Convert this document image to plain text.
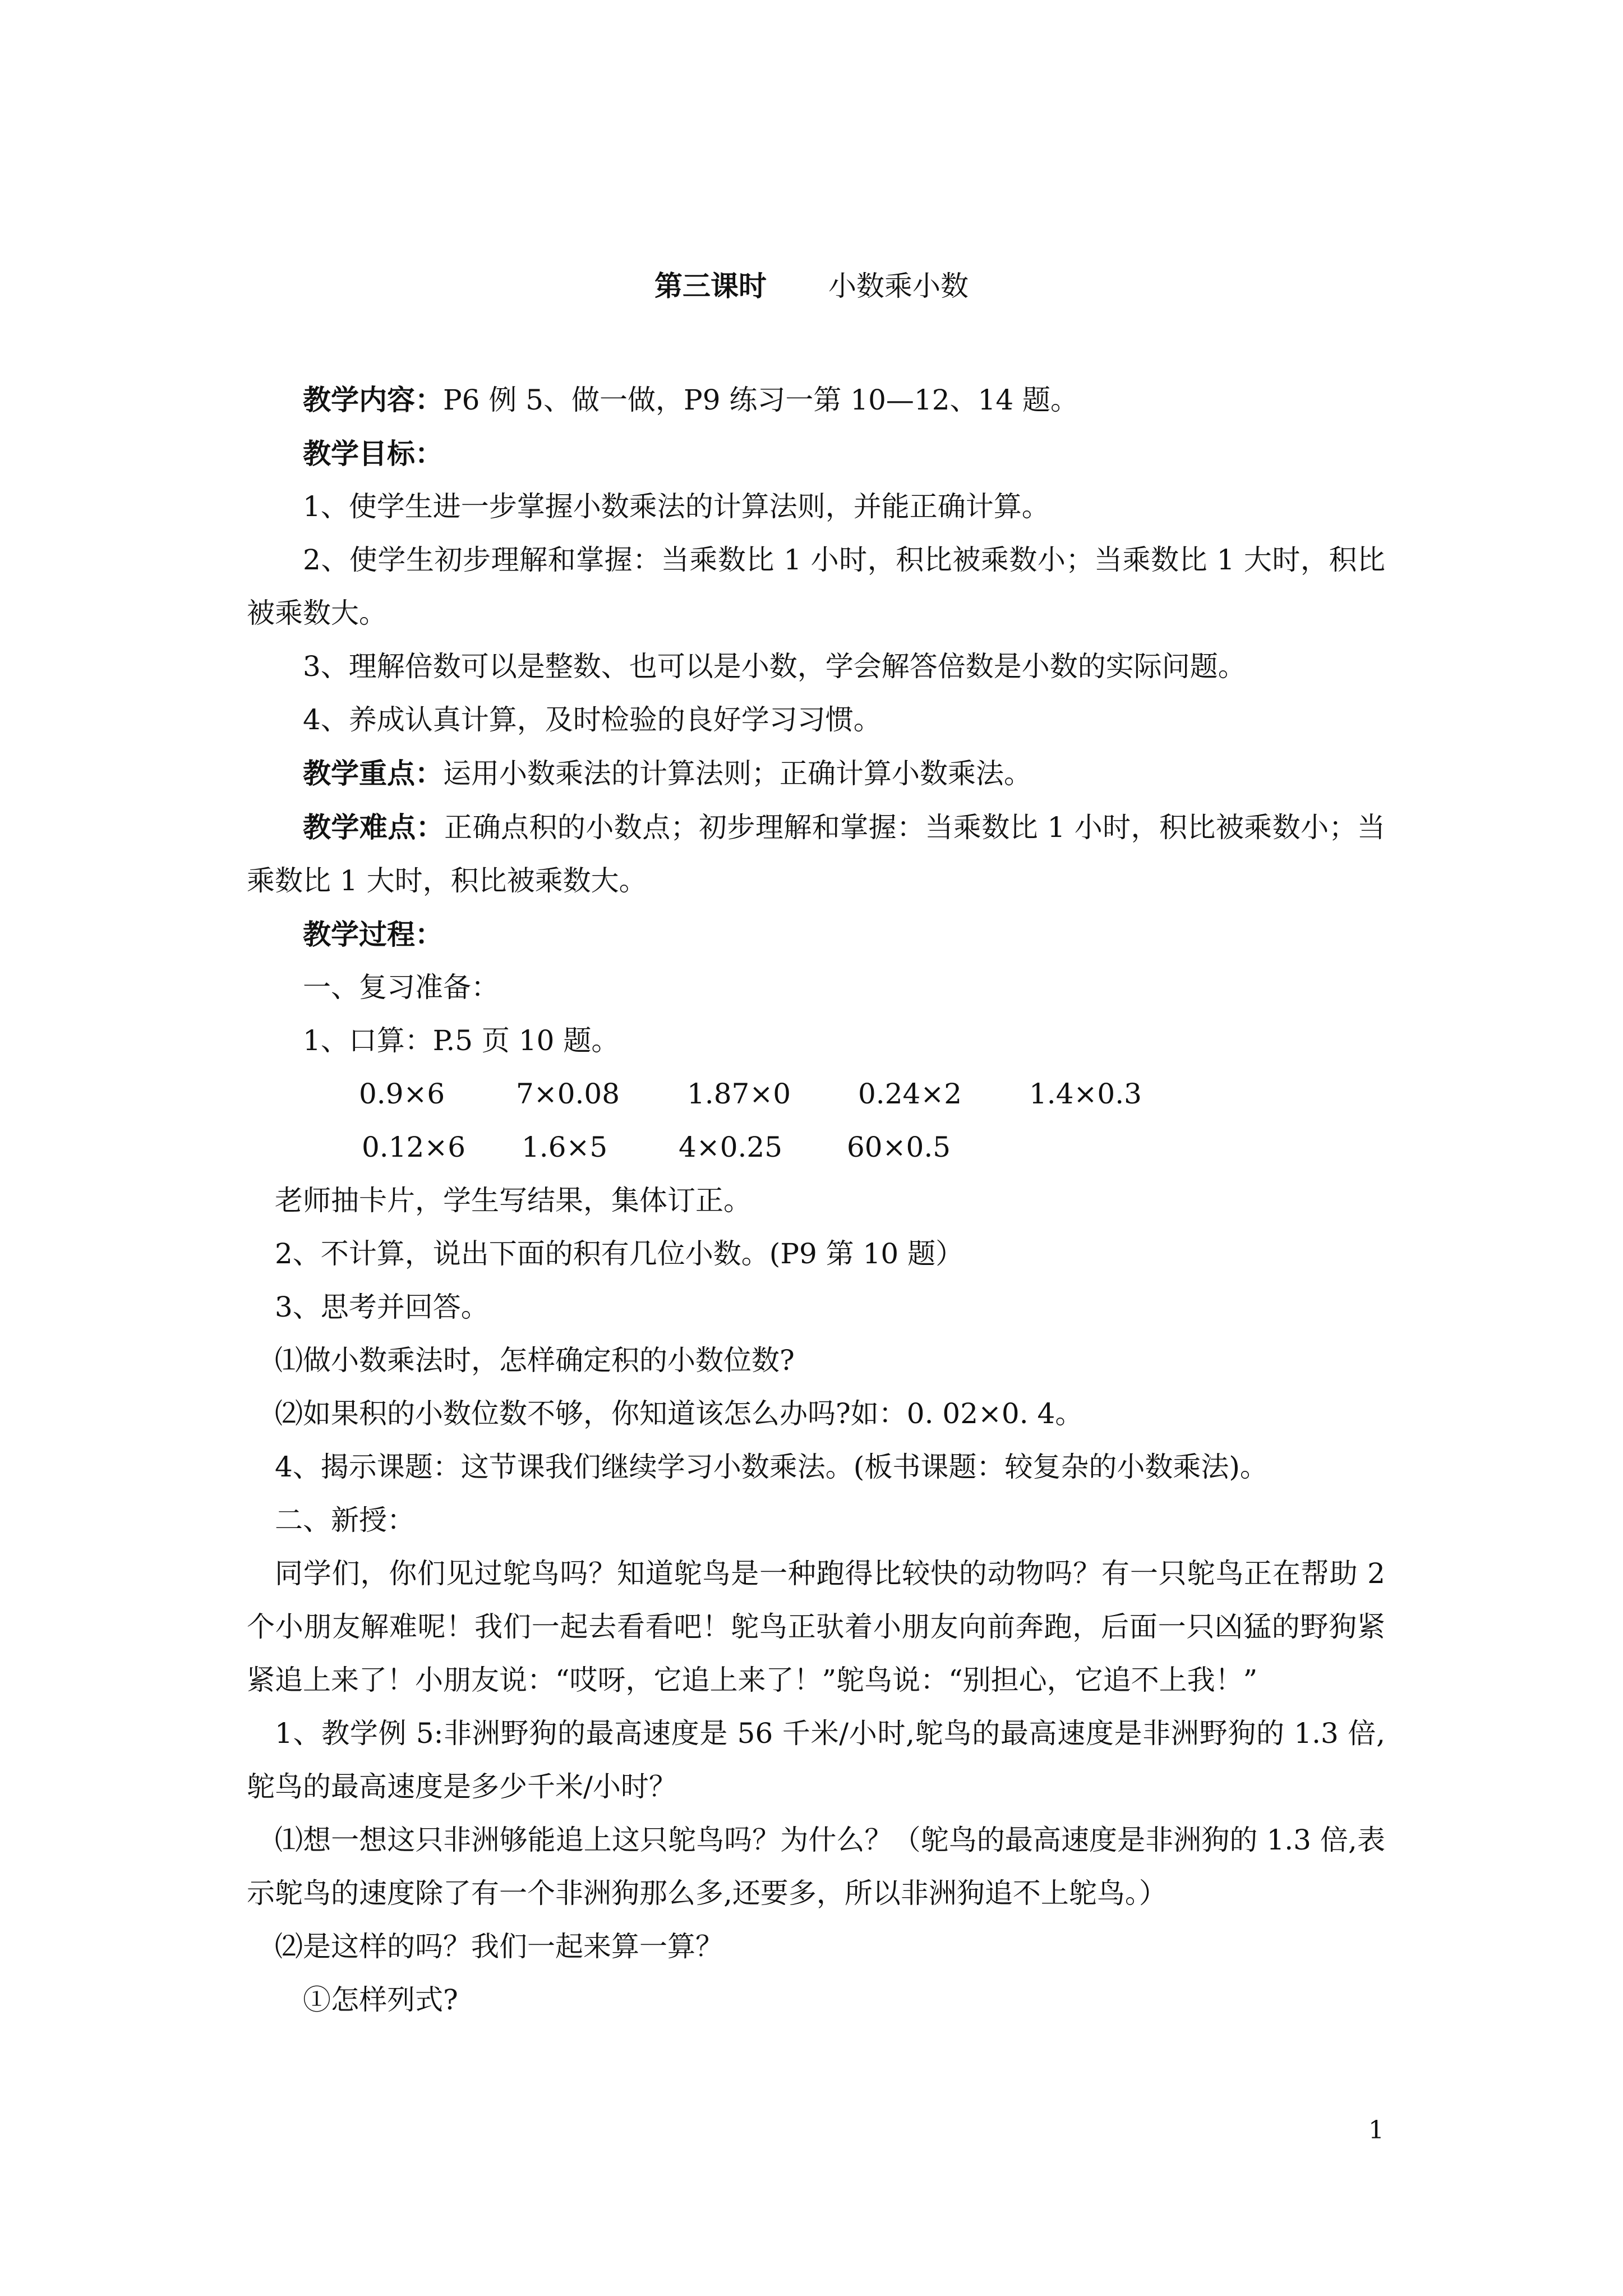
第三课时 小数乘小数

教学内容：P6 例 5、做一做，P9 练习一第 10—12、14 题。

教学目标：

1、使学生进一步掌握小数乘法的计算法则，并能正确计算。

2、使学生初步理解和掌握：当乘数比 1 小时，积比被乘数小；当乘数比 1 大时，积比被乘数大。

3、理解倍数可以是整数、也可以是小数，学会解答倍数是小数的实际问题。

4、养成认真计算，及时检验的良好学习习惯。

教学重点：运用小数乘法的计算法则；正确计算小数乘法。

教学难点：正确点积的小数点；初步理解和掌握：当乘数比 1 小时，积比被乘数小；当乘数比 1 大时，积比被乘数大。

教学过程：

一、复习准备：

1、口算：P.5 页 10 题。

0.9×6	7×0.08	1.87×0	0.24×2	1.4×0.3
0.12×6	1.6×5	4×0.25	60×0.5

老师抽卡片，学生写结果，集体订正。

2、不计算，说出下面的积有几位小数。(P9 第 10 题）

3、思考并回答。

⑴做小数乘法时，怎样确定积的小数位数?

⑵如果积的小数位数不够，你知道该怎么办吗?如：0. 02×0. 4。

4、揭示课题：这节课我们继续学习小数乘法。(板书课题：较复杂的小数乘法)。

二、新授：

同学们，你们见过鸵鸟吗？知道鸵鸟是一种跑得比较快的动物吗？有一只鸵鸟正在帮助 2 个小朋友解难呢！我们一起去看看吧！鸵鸟正驮着小朋友向前奔跑，后面一只凶猛的野狗紧紧追上来了！小朋友说：“哎呀，它追上来了！”鸵鸟说：“别担心，它追不上我！”

1、教学例 5:非洲野狗的最高速度是 56 千米/小时,鸵鸟的最高速度是非洲野狗的 1.3 倍,鸵鸟的最高速度是多少千米/小时？

⑴想一想这只非洲够能追上这只鸵鸟吗？为什么？（鸵鸟的最高速度是非洲狗的 1.3 倍,表示鸵鸟的速度除了有一个非洲狗那么多,还要多，所以非洲狗追不上鸵鸟。）

⑵是这样的吗？我们一起来算一算？

①怎样列式?

1
